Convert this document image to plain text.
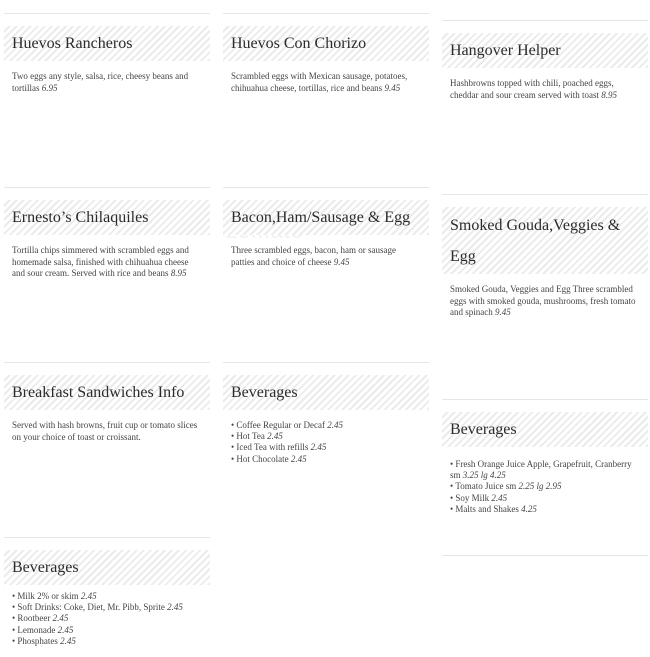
Huevos Rancheros
Two eggs any style, salsa, rice, cheesy beans and tortillas 6.95
Huevos Con Chorizo
Scrambled eggs with Mexican sausage, potatoes, chihuahua cheese, tortillas, rice and beans 9.45
Hangover Helper
Hashbrowns topped with chili, poached eggs, cheddar and sour cream served with toast 8.95
Ernesto’s Chilaquiles
Tortilla chips simmered with scrambled eggs and homemade salsa, finished with chihuahua cheese and sour cream. Served with rice and beans 8.95
Bacon,Ham/Sausage & Egg
Three scrambled eggs, bacon, ham or sausage patties and choice of cheese 9.45
Smoked Gouda,Veggies & Egg
Smoked Gouda, Veggies and Egg Three scrambled eggs with smoked gouda, mushrooms, fresh tomato and spinach 9.45
Breakfast Sandwiches Info
Served with hash browns, fruit cup or tomato slices on your choice of toast or croissant.
Beverages
• Coffee Regular or Decaf 2.45
• Hot Tea 2.45
• Iced Tea with refills 2.45
• Hot Chocolate 2.45
Beverages
• Fresh Orange Juice Apple, Grapefruit, Cranberry sm 3.25 lg 4.25
• Tomato Juice sm 2.25 lg 2.95
• Soy Milk 2.45
• Malts and Shakes 4.25
Beverages
• Milk 2% or skim 2.45
• Soft Drinks: Coke, Diet, Mr. Pibb, Sprite 2.45
• Rootbeer 2.45
• Lemonade 2.45
• Phosphates 2.45
